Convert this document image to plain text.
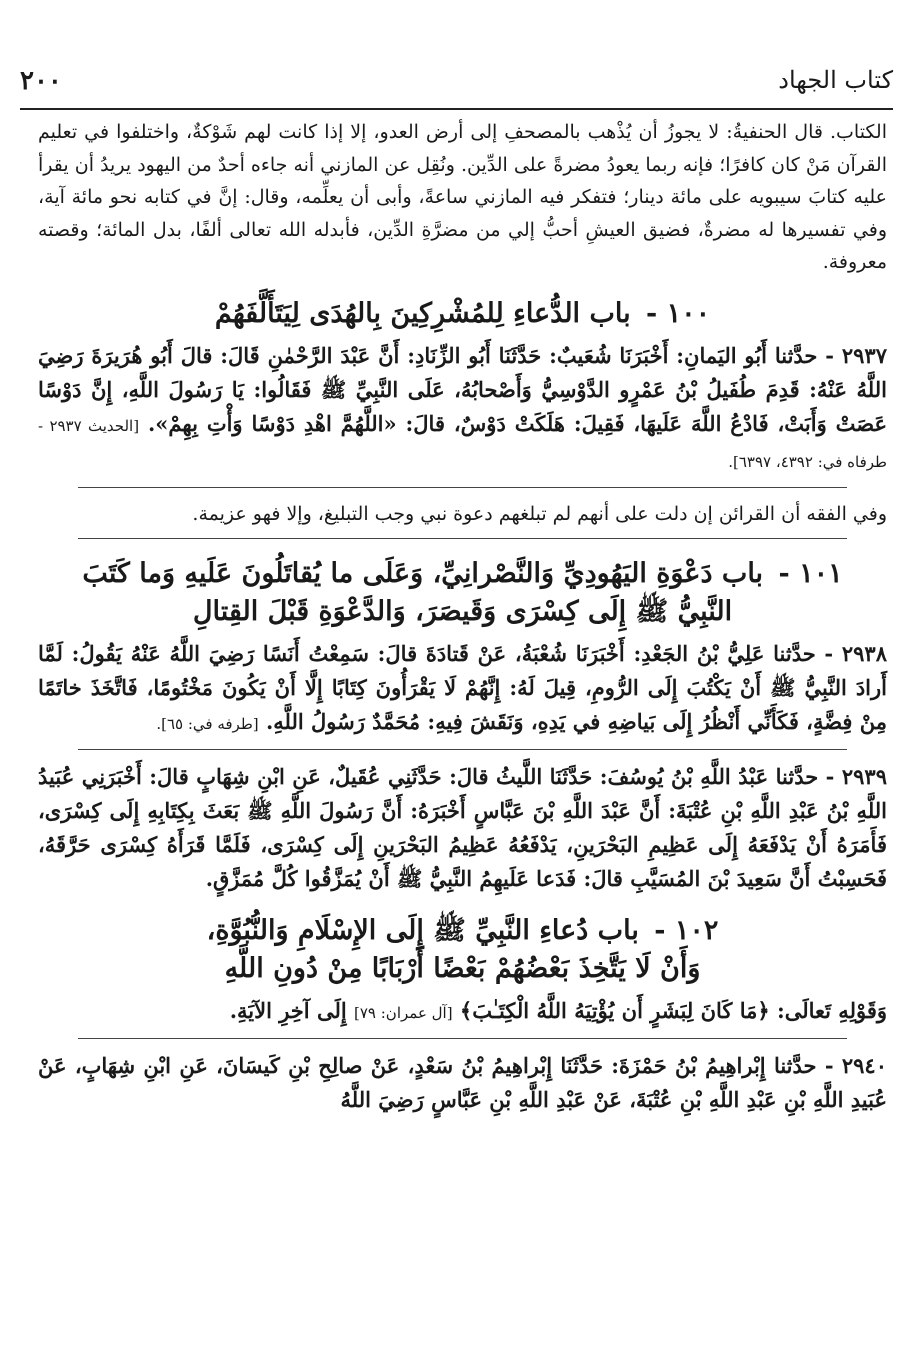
٢٠٠	كتاب الجهاد

الكتاب. قال الحنفيةُ: لا يجوزُ أن يُذْهب بالمصحفِ إلى أرض العدو، إلا إذا كانت لهم شَوْكةٌ، واختلفوا في تعليم القرآن مَنْ كان كافرًا؛ فإنه ربما يعودُ مضرةً على الدِّين. ونُقِل عن المازني أنه جاءه أحدٌ من اليهود يريدُ أن يقرأ عليه كتابَ سيبويه على مائة دينار؛ فتفكر فيه المازني ساعةً، وأبى أن يعلِّمه، وقال: إنَّ في كتابه نحو مائة آية، وفي تفسيرها له مضرةٌ، فضيق العيشِ أحبُّ إلي من مضرَّةِ الدِّين، فأبدله الله تعالى ألفًا، بدل المائة؛ وقصته معروفة.

١٠٠ - باب الدُّعاءِ لِلمُشْرِكِينَ بِالهُدَى لِيَتَأَلَّفَهُمْ

٢٩٣٧ - حدَّثنا أَبُو اليَمانِ: أَخْبَرَنَا شُعَيبٌ: حَدَّثَنَا أَبُو الزِّنَادِ: أَنَّ عَبْدَ الرَّحْمٰنِ قَالَ: قالَ أَبُو هُرَيرَةَ رَضِيَ اللَّهُ عَنْهُ: قَدِمَ طُفَيلُ بْنُ عَمْرٍو الدَّوْسِيُّ وَأَصْحابُهُ، عَلَى النَّبِيِّ ﷺ فَقَالُوا: يَا رَسُولَ اللَّهِ، إِنَّ دَوْسًا عَصَتْ وَأَبَتْ، فَادْعُ اللَّهَ عَلَيهَا، فَقِيلَ: هَلَكَتْ دَوْسٌ، قالَ: «اللَّهُمَّ اهْدِ دَوْسًا وَأْتِ بِهِمْ». [الحديث ٢٩٣٧ - طرفاه في: ٤٣٩٢، ٦٣٩٧].

وفي الفقه أن القرائن إن دلت على أنهم لم تبلغهم دعوة نبي وجب التبليغ، وإلا فهو عزيمة.

١٠١ - باب دَعْوَةِ اليَهُودِيِّ وَالنَّصْرانِيِّ، وَعَلَى ما يُقاتَلُونَ عَلَيهِ وَما كَتَبَ
النَّبِيُّ ﷺ إِلَى كِسْرَى وَقَيصَرَ، وَالدَّعْوَةِ قَبْلَ القِتالِ

٢٩٣٨ - حدَّثنا عَلِيُّ بْنُ الجَعْدِ: أَخْبَرَنَا شُعْبَةُ، عَنْ قَتادَةَ قالَ: سَمِعْتُ أَنَسًا رَضِيَ اللَّهُ عَنْهُ يَقُولُ: لَمَّا أَرادَ النَّبِيُّ ﷺ أَنْ يَكْتُبَ إِلَى الرُّومِ، قِيلَ لَهُ: إِنَّهُمْ لَا يَقْرَأُونَ كِتَابًا إِلَّا أَنْ يَكُونَ مَخْتُومًا، فَاتَّخَذَ خاتَمًا مِنْ فِضَّةٍ، فَكَأَنِّي أَنْظُرُ إِلَى بَياضِهِ في يَدِهِ، وَنَقَشَ فِيهِ: مُحَمَّدٌ رَسُولُ اللَّهِ. [طرفه في: ٦٥].

٢٩٣٩ - حدَّثنا عَبْدُ اللَّهِ بْنُ يُوسُفَ: حَدَّثَنَا اللَّيثُ قالَ: حَدَّثَنِي عُقَيلٌ، عَنِ ابْنِ شِهَابٍ قالَ: أَخْبَرَنِي عُبَيدُ اللَّهِ بْنُ عَبْدِ اللَّهِ بْنِ عُتْبَةَ: أَنَّ عَبْدَ اللَّهِ بْنَ عَبَّاسٍ أَخْبَرَهُ: أَنَّ رَسُولَ اللَّهِ ﷺ بَعَثَ بِكِتَابِهِ إِلَى كِسْرَى، فَأَمَرَهُ أَنْ يَدْفَعَهُ إِلَى عَظِيمِ البَحْرَينِ، يَدْفَعُهُ عَظِيمُ البَحْرَينِ إِلَى كِسْرَى، فَلَمَّا قَرَأَهُ كِسْرَى حَرَّقَهُ، فَحَسِبْتُ أَنَّ سَعِيدَ بْنَ المُسَيَّبِ قالَ: فَدَعا عَلَيهِمُ النَّبِيُّ ﷺ أَنْ يُمَزَّقُوا كُلَّ مُمَزَّقٍ.

١٠٢ - باب دُعاءِ النَّبِيِّ ﷺ إِلَى الإِسْلَامِ وَالنُّبُوَّةِ،
وَأَنْ لَا يَتَّخِذَ بَعْضُهُمْ بَعْضًا أَرْبَابًا مِنْ دُونِ اللَّهِ

وَقَوْلِهِ تَعالَى: ﴿مَا كَانَ لِبَشَرٍ أَن يُؤْتِيَهُ اللَّهُ الْكِتَـٰبَ﴾ [آل عمران: ٧٩] إِلَى آخِرِ الآيَةِ.

٢٩٤٠ - حدَّثنا إِبْراهِيمُ بْنُ حَمْزَةَ: حَدَّثَنَا إِبْراهِيمُ بْنُ سَعْدٍ، عَنْ صالِحِ بْنِ كَيسَانَ، عَنِ ابْنِ شِهَابٍ، عَنْ عُبَيدِ اللَّهِ بْنِ عَبْدِ اللَّهِ بْنِ عُتْبَةَ، عَنْ عَبْدِ اللَّهِ بْنِ عَبَّاسٍ رَضِيَ اللَّهُ
